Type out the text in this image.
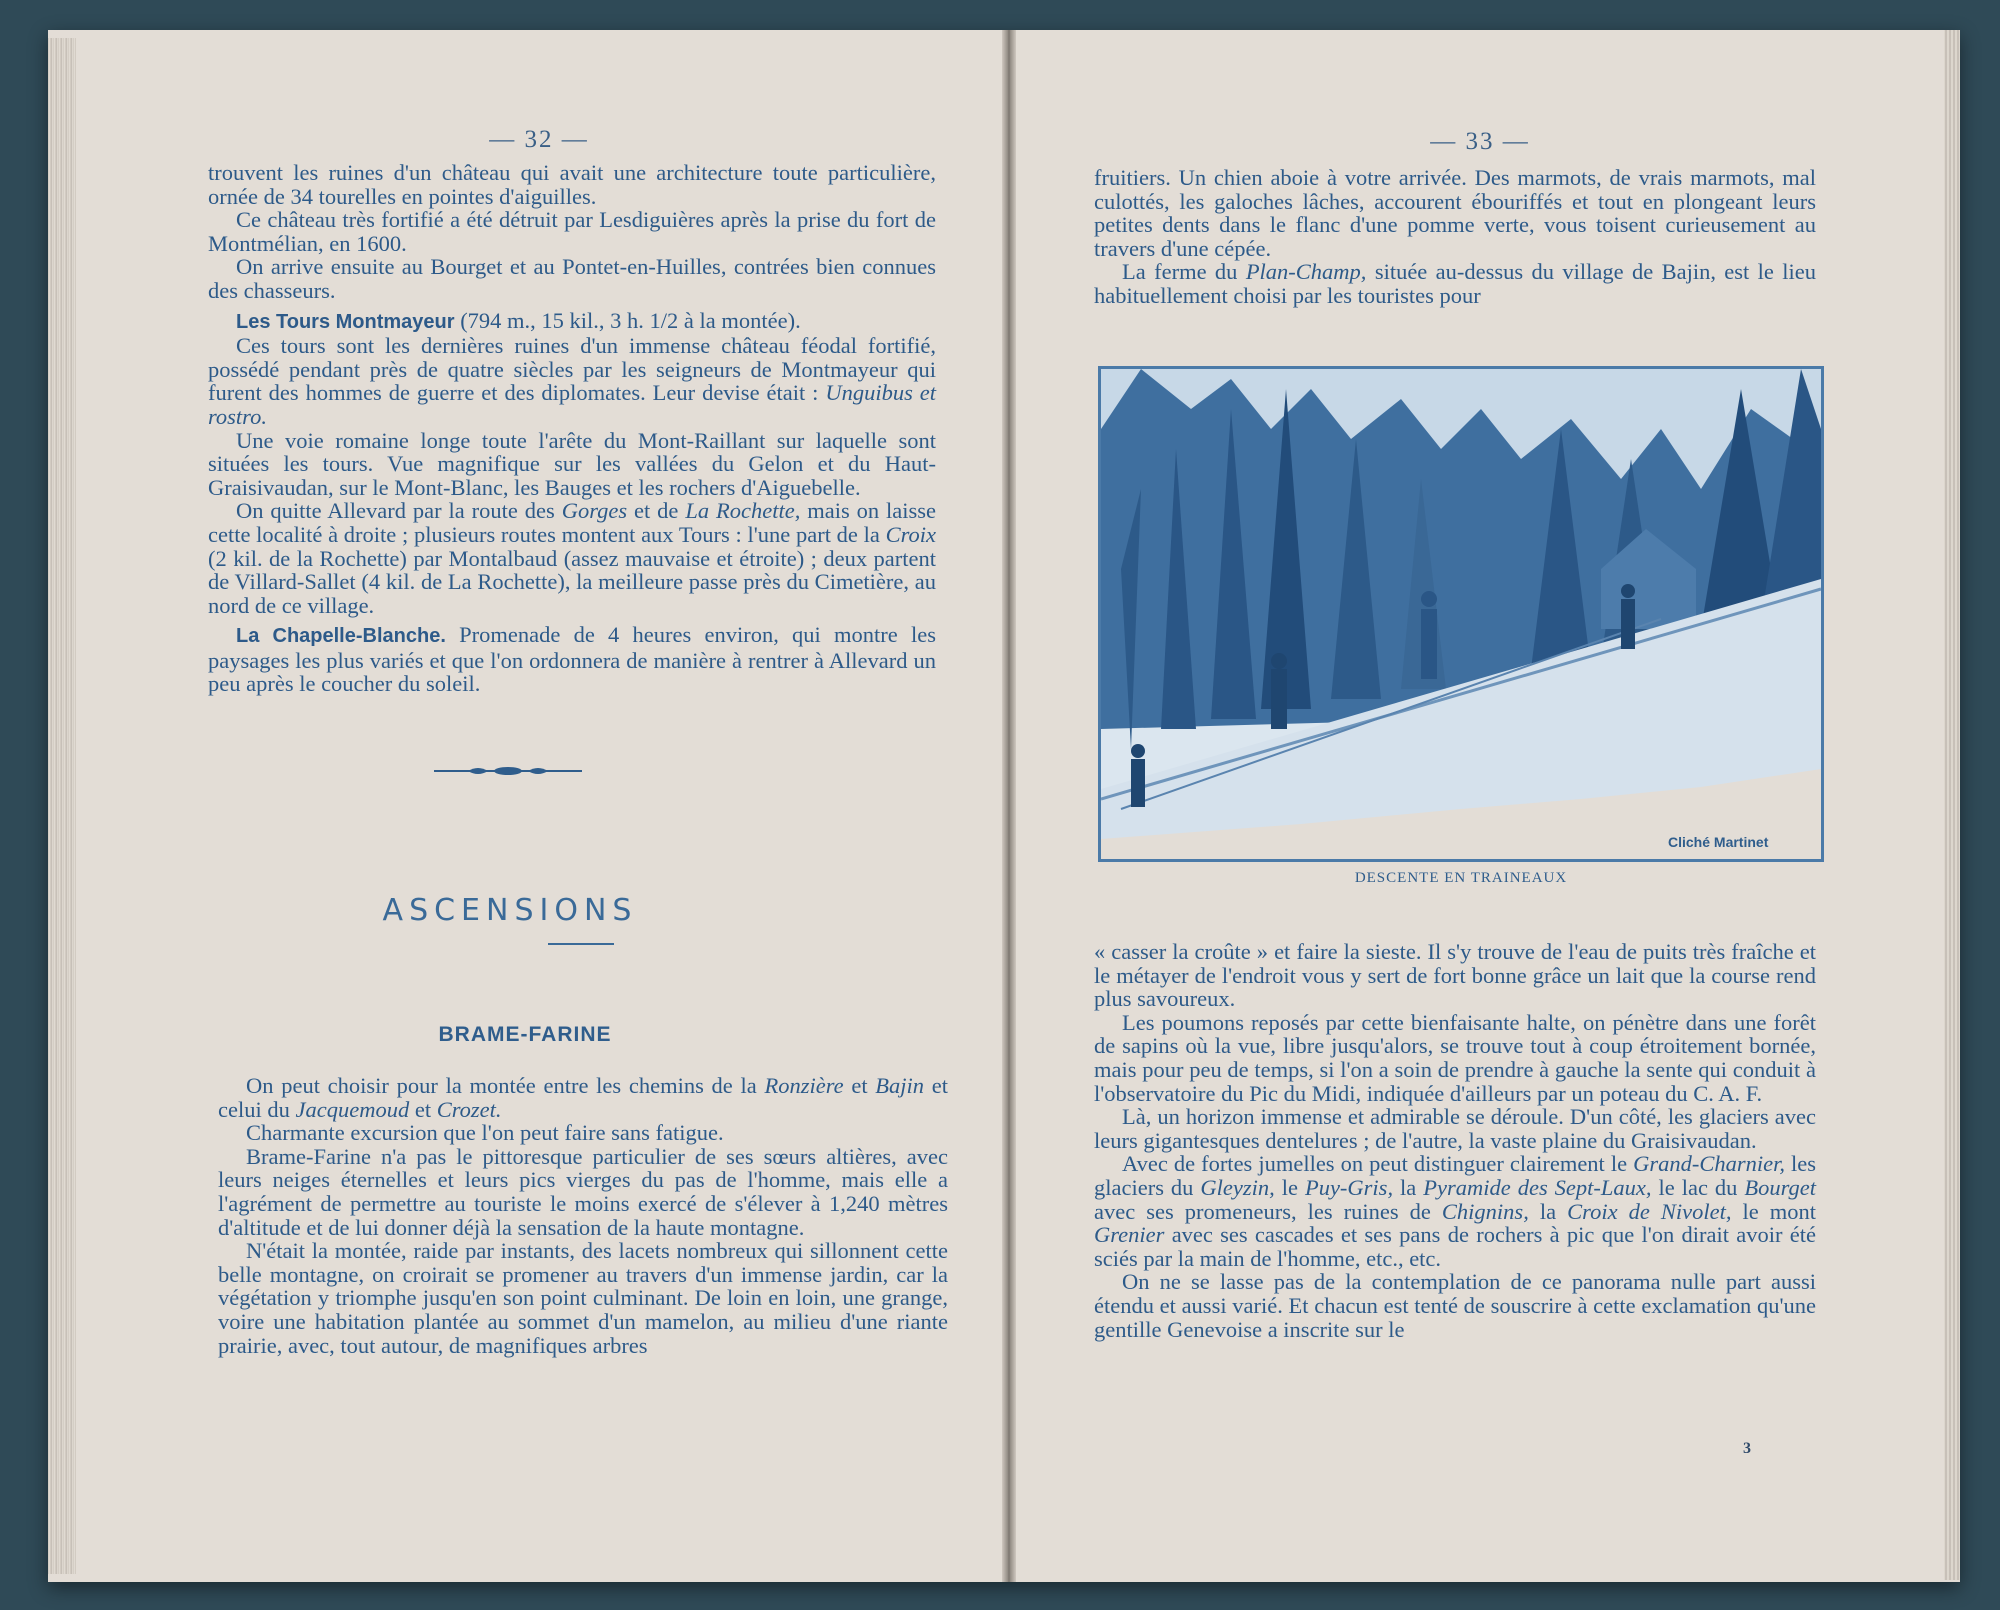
— 32 —

trouvent les ruines d'un château qui avait une architecture toute particulière, ornée de 34 tourelles en pointes d'aiguilles.

Ce château très fortifié a été détruit par Lesdiguières après la prise du fort de Montmélian, en 1600.

On arrive ensuite au Bourget et au Pontet-en-Huilles, contrées bien connues des chasseurs.

Les Tours Montmayeur (794 m., 15 kil., 3 h. 1/2 à la montée).

Ces tours sont les dernières ruines d'un immense château féodal fortifié, possédé pendant près de quatre siècles par les seigneurs de Montmayeur qui furent des hommes de guerre et des diplomates. Leur devise était : Unguibus et rostro.

Une voie romaine longe toute l'arête du Mont-Raillant sur laquelle sont situées les tours. Vue magnifique sur les vallées du Gelon et du Haut-Graisivaudan, sur le Mont-Blanc, les Bauges et les rochers d'Aiguebelle.

On quitte Allevard par la route des Gorges et de La Rochette, mais on laisse cette localité à droite ; plusieurs routes montent aux Tours : l'une part de la Croix (2 kil. de la Rochette) par Montalbaud (assez mauvaise et étroite) ; deux partent de Villard-Sallet (4 kil. de La Rochette), la meilleure passe près du Cimetière, au nord de ce village.

La Chapelle-Blanche. Promenade de 4 heures environ, qui montre les paysages les plus variés et que l'on ordonnera de manière à rentrer à Allevard un peu après le coucher du soleil.

ASCENSIONS
BRAME-FARINE

On peut choisir pour la montée entre les chemins de la Ronzière et Bajin et celui du Jacquemoud et Crozet.

Charmante excursion que l'on peut faire sans fatigue.

Brame-Farine n'a pas le pittoresque particulier de ses sœurs altières, avec leurs neiges éternelles et leurs pics vierges du pas de l'homme, mais elle a l'agrément de permettre au touriste le moins exercé de s'élever à 1,240 mètres d'altitude et de lui donner déjà la sensation de la haute montagne.

N'était la montée, raide par instants, des lacets nombreux qui sillonnent cette belle montagne, on croirait se promener au travers d'un immense jardin, car la végétation y triomphe jusqu'en son point culminant. De loin en loin, une grange, voire une habitation plantée au sommet d'un mamelon, au milieu d'une riante prairie, avec, tout autour, de magnifiques arbres

— 33 —

fruitiers. Un chien aboie à votre arrivée. Des marmots, de vrais marmots, mal culottés, les galoches lâches, accourent ébouriffés et tout en plongeant leurs petites dents dans le flanc d'une pomme verte, vous toisent curieusement au travers d'une cépée.

La ferme du Plan-Champ, située au-dessus du village de Bajin, est le lieu habituellement choisi par les touristes pour

Cliché Martinet
DESCENTE EN TRAINEAUX

« casser la croûte » et faire la sieste. Il s'y trouve de l'eau de puits très fraîche et le métayer de l'endroit vous y sert de fort bonne grâce un lait que la course rend plus savoureux.

Les poumons reposés par cette bienfaisante halte, on pénètre dans une forêt de sapins où la vue, libre jusqu'alors, se trouve tout à coup étroitement bornée, mais pour peu de temps, si l'on a soin de prendre à gauche la sente qui conduit à l'observatoire du Pic du Midi, indiquée d'ailleurs par un poteau du C. A. F.

Là, un horizon immense et admirable se déroule. D'un côté, les glaciers avec leurs gigantesques dentelures ; de l'autre, la vaste plaine du Graisivaudan.

Avec de fortes jumelles on peut distinguer clairement le Grand-Charnier, les glaciers du Gleyzin, le Puy-Gris, la Pyramide des Sept-Laux, le lac du Bourget avec ses promeneurs, les ruines de Chignins, la Croix de Nivolet, le mont Grenier avec ses cascades et ses pans de rochers à pic que l'on dirait avoir été sciés par la main de l'homme, etc., etc.

On ne se lasse pas de la contemplation de ce panorama nulle part aussi étendu et aussi varié. Et chacun est tenté de souscrire à cette exclamation qu'une gentille Genevoise a inscrite sur le

3
